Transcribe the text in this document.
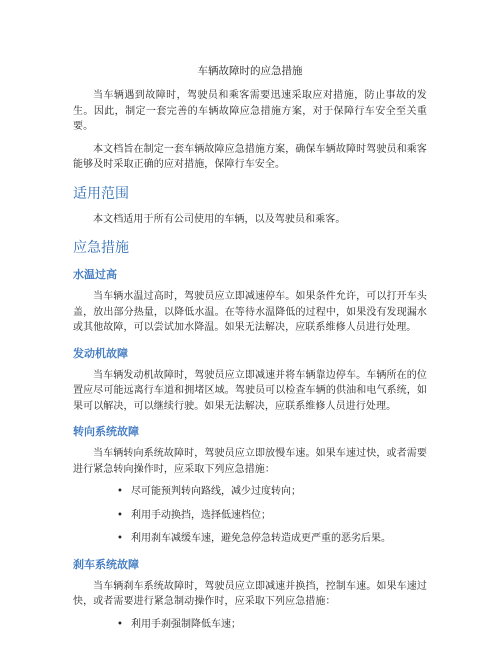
车辆故障时的应急措施

当车辆遇到故障时，驾驶员和乘客需要迅速采取应对措施，防止事故的发生。因此，制定一套完善的车辆故障应急措施方案，对于保障行车安全至关重要。

本文档旨在制定一套车辆故障应急措施方案，确保车辆故障时驾驶员和乘客能够及时采取正确的应对措施，保障行车安全。

适用范围

本文档适用于所有公司使用的车辆，以及驾驶员和乘客。

应急措施
水温过高

当车辆水温过高时，驾驶员应立即减速停车。如果条件允许，可以打开车头盖，放出部分热量，以降低水温。在等待水温降低的过程中，如果没有发现漏水或其他故障，可以尝试加水降温。如果无法解决，应联系维修人员进行处理。

发动机故障

当车辆发动机故障时，驾驶员应立即减速并将车辆靠边停车。车辆所在的位置应尽可能远离行车道和拥堵区域。驾驶员可以检查车辆的供油和电气系统，如果可以解决，可以继续行驶。如果无法解决，应联系维修人员进行处理。

转向系统故障

当车辆转向系统故障时，驾驶员应立即放慢车速。如果车速过快，或者需要进行紧急转向操作时，应采取下列应急措施：

• 尽可能预判转向路线，减少过度转向；
• 利用手动换挡，选择低速档位；
• 利用刹车减缓车速，避免急停急转造成更严重的恶劣后果。
刹车系统故障

当车辆刹车系统故障时，驾驶员应立即减速并换挡，控制车速。如果车速过快，或者需要进行紧急制动操作时，应采取下列应急措施：

• 利用手刹强制降低车速；
